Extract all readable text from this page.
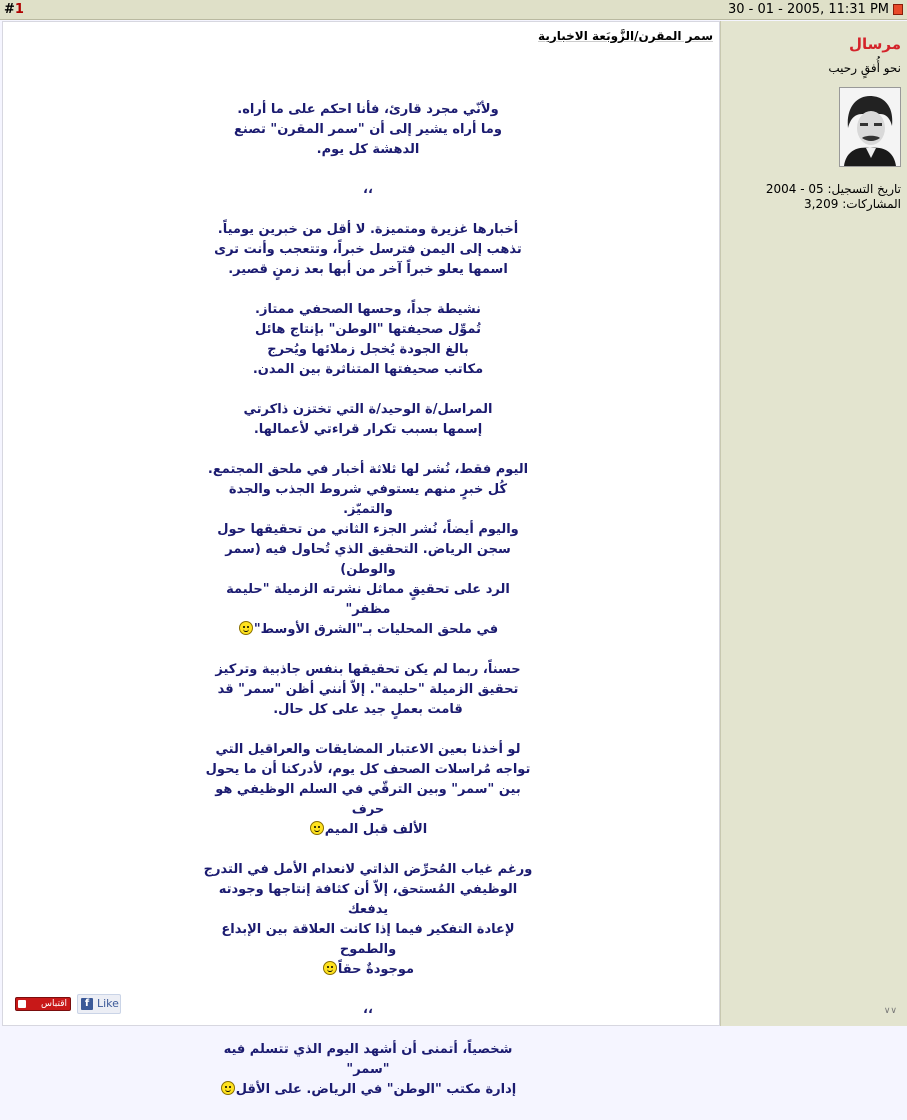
#1	30 - 01 - 2005, 11:31 PM
سمر المقرن/الزَّوبَعة الاخبارية

ولأنّي مجرد قارئ، فأنا احكم على ما أراه.
وما أراه يشير إلى أن "سمر المقرن" تصنع
الدهشة كل يوم.

،،

أخبارها غزيرة ومتميزة. لا أقل من خبرين يومياً.
تذهب إلى اليمن فترسل خبراً، وتتعجب وأنت ترى
اسمها يعلو خبراً آخر من أبها بعد زمنٍ قصير.

نشيطة جداً، وحسها الصحفي ممتاز.
تُموِّل صحيفتها "الوطن" بإنتاج هائل
بالغ الجودة يُخجل زملائها ويُحرج
مكاتب صحيفتها المتناثرة بين المدن.

المراسل/ة الوحيد/ة التي تختزن ذاكرتي
إسمها بسبب تكرار قراءتي لأعمالها.

اليوم فقط، نُشر لها ثلاثة أخبار في ملحق المجتمع.
كُل خبرٍ منهم يستوفي شروط الجذب والجدة والتميّز.
واليوم أيضاً، نُشر الجزء الثاني من تحقيقها حول
سجن الرياض. التحقيق الذي تُحاول فيه (سمر والوطن)
الرد على تحقيقٍ مماثل نشرته الزميلة "حليمة مظفر"
في ملحق المحليات بـ"الشرق الأوسط"

حسناً، ربما لم يكن تحقيقها بنفس جاذبية وتركيز
تحقيق الزميلة "حليمة". إلاّ أنني أظن "سمر" قد
قامت بعملٍ جيد على كل حال.

لو أخذنا بعين الاعتبار المضايقات والعراقيل التي
تواجه مُراسلات الصحف كل يوم، لأدركنا أن ما يحول
بين "سمر" وبين الترقّي في السلم الوظيفي هو حرف
الألف قبل الميم

ورغم غياب المُحرِّض الذاتي لانعدام الأمل في التدرج
الوظيفي المُستحق، إلاّ أن كثافة إنتاجها وجودته يدفعك
لإعادة التفكير فيما إذا كانت العلاقة بين الإبداع والطموح
موجودةٌ حقاً

،،

شخصياً، أتمنى أن أشهد اليوم الذي تتسلم فيه "سمر"
إدارة مكتب "الوطن" في الرياض. على الأقل

اقتباس	f Like
مرسال
نحو أُفقٍ رحيب
تاريخ التسجيل: 05 - 2004
المشاركات: 3,209
∨∨
